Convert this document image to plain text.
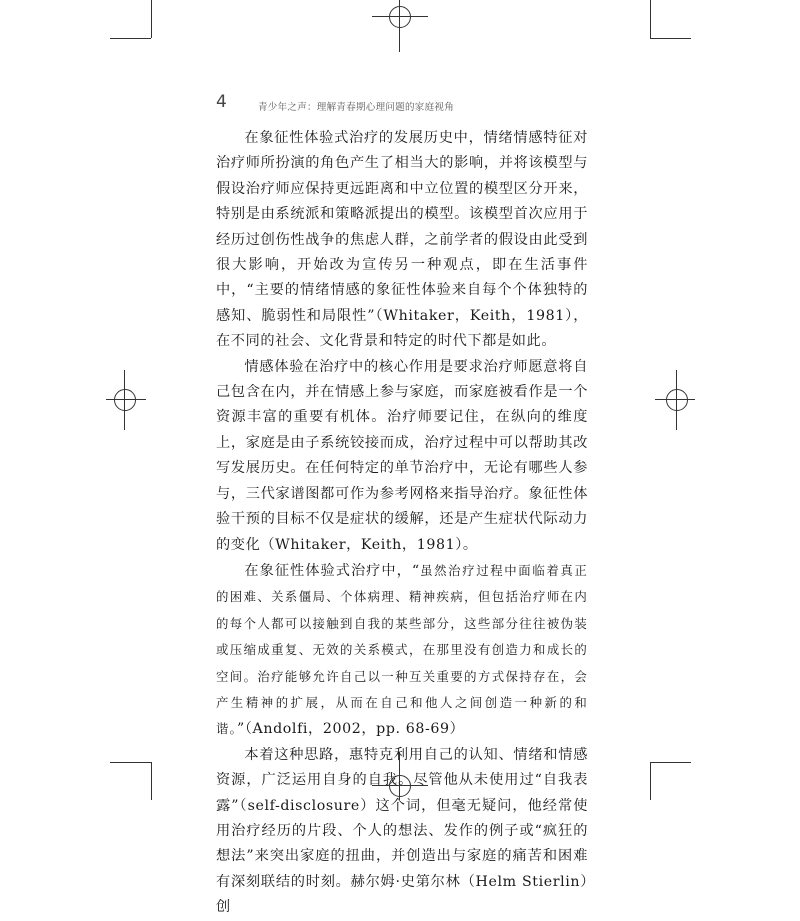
4	青少年之声：理解青春期心理问题的家庭视角

在象征性体验式治疗的发展历史中，情绪情感特征对治疗师所扮演的角色产生了相当大的影响，并将该模型与假设治疗师应保持更远距离和中立位置的模型区分开来，特别是由系统派和策略派提出的模型。该模型首次应用于经历过创伤性战争的焦虑人群，之前学者的假设由此受到很大影响，开始改为宣传另一种观点，即在生活事件中，“主要的情绪情感的象征性体验来自每个个体独特的感知、脆弱性和局限性”（Whitaker，Keith，1981），在不同的社会、文化背景和特定的时代下都是如此。

情感体验在治疗中的核心作用是要求治疗师愿意将自己包含在内，并在情感上参与家庭，而家庭被看作是一个资源丰富的重要有机体。治疗师要记住，在纵向的维度上，家庭是由子系统铰接而成，治疗过程中可以帮助其改写发展历史。在任何特定的单节治疗中，无论有哪些人参与，三代家谱图都可作为参考网格来指导治疗。象征性体验干预的目标不仅是症状的缓解，还是产生症状代际动力的变化（Whitaker，Keith，1981）。

在象征性体验式治疗中，“虽然治疗过程中面临着真正的困难、关系僵局、个体病理、精神疾病，但包括治疗师在内的每个人都可以接触到自我的某些部分，这些部分往往被伪装或压缩成重复、无效的关系模式，在那里没有创造力和成长的空间。治疗能够允许自己以一种互关重要的方式保持存在，会产生精神的扩展，从而在自己和他人之间创造一种新的和谐。”（Andolfi，2002，pp. 68-69）

本着这种思路，惠特克利用自己的认知、情绪和情感资源，广泛运用自身的自我。尽管他从未使用过“自我表露”（self-disclosure）这个词，但毫无疑问，他经常使用治疗经历的片段、个人的想法、发作的例子或“疯狂的想法”来突出家庭的扭曲，并创造出与家庭的痛苦和困难有深刻联结的时刻。赫尔姆·史第尔林（Helm Stierlin）创
